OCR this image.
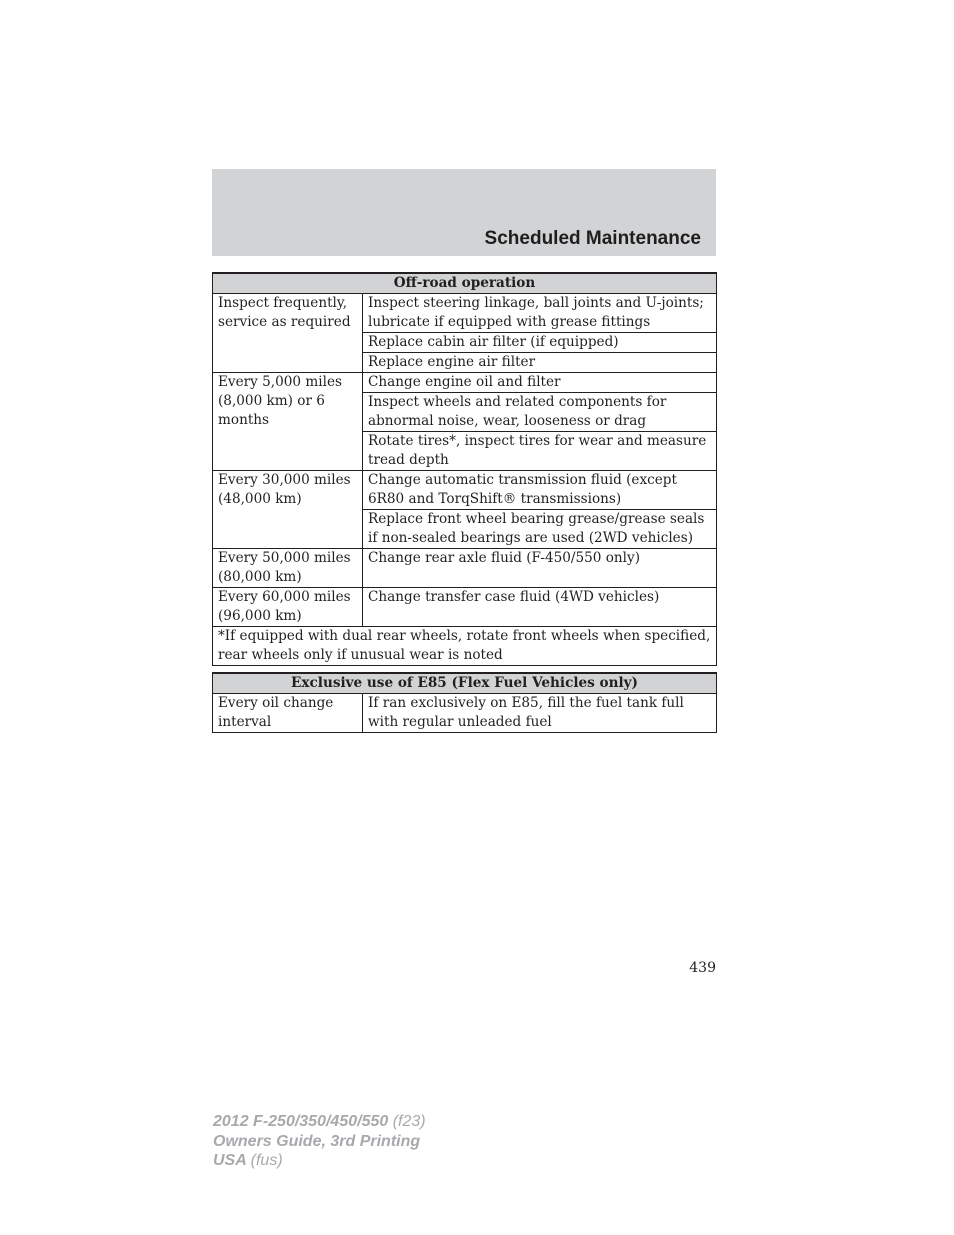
Scheduled Maintenance
Off-road operation	
Inspect frequently, service as required	Inspect steering linkage, ball joints and U-joints; lubricate if equipped with grease fittings
	Replace cabin air filter (if equipped)
	Replace engine air filter
Every 5,000 miles (8,000 km) or 6 months	Change engine oil and filter
	Inspect wheels and related components for abnormal noise, wear, looseness or drag
	Rotate tires*, inspect tires for wear and measure tread depth
Every 30,000 miles (48,000 km)	Change automatic transmission fluid (except 6R80 and TorqShift® transmissions)
	Replace front wheel bearing grease/grease seals if non-sealed bearings are used (2WD vehicles)
Every 50,000 miles (80,000 km)	Change rear axle fluid (F-450/550 only)
Every 60,000 miles (96,000 km)	Change transfer case fluid (4WD vehicles)
*If equipped with dual rear wheels, rotate front wheels when specified, rear wheels only if unusual wear is noted	
Exclusive use of E85 (Flex Fuel Vehicles only)
Every oil change interval	If ran exclusively on E85, fill the fuel tank full with regular unleaded fuel
439
2012 F-250/350/450/550 (f23)
Owners Guide, 3rd Printing
USA (fus)
